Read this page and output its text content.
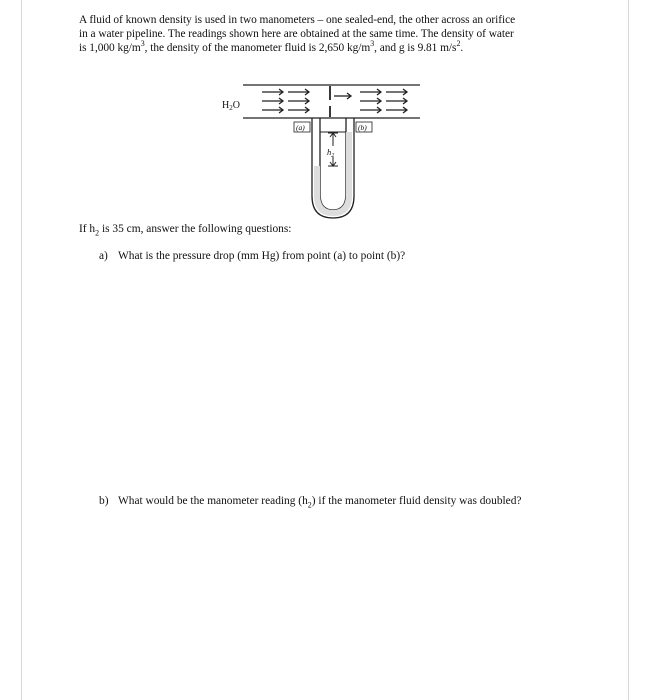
A fluid of known density is used in two manometers – one sealed-end, the other across an orifice
in a water pipeline. The readings shown here are obtained at the same time. The density of water
is 1,000 $kg/m^3$, the density of the manometer fluid is 2,650 $kg/m^3$, and g is 9.81 $m/s^2$.
$H_2O$
(a)	(b)
$h_2$
If $h_2$ is 35 cm, answer the following questions:
a) What is the pressure drop (mm Hg) from point (a) to point (b)?
b) What would be the manometer reading $(h_2)$ if the manometer fluid density was doubled?
